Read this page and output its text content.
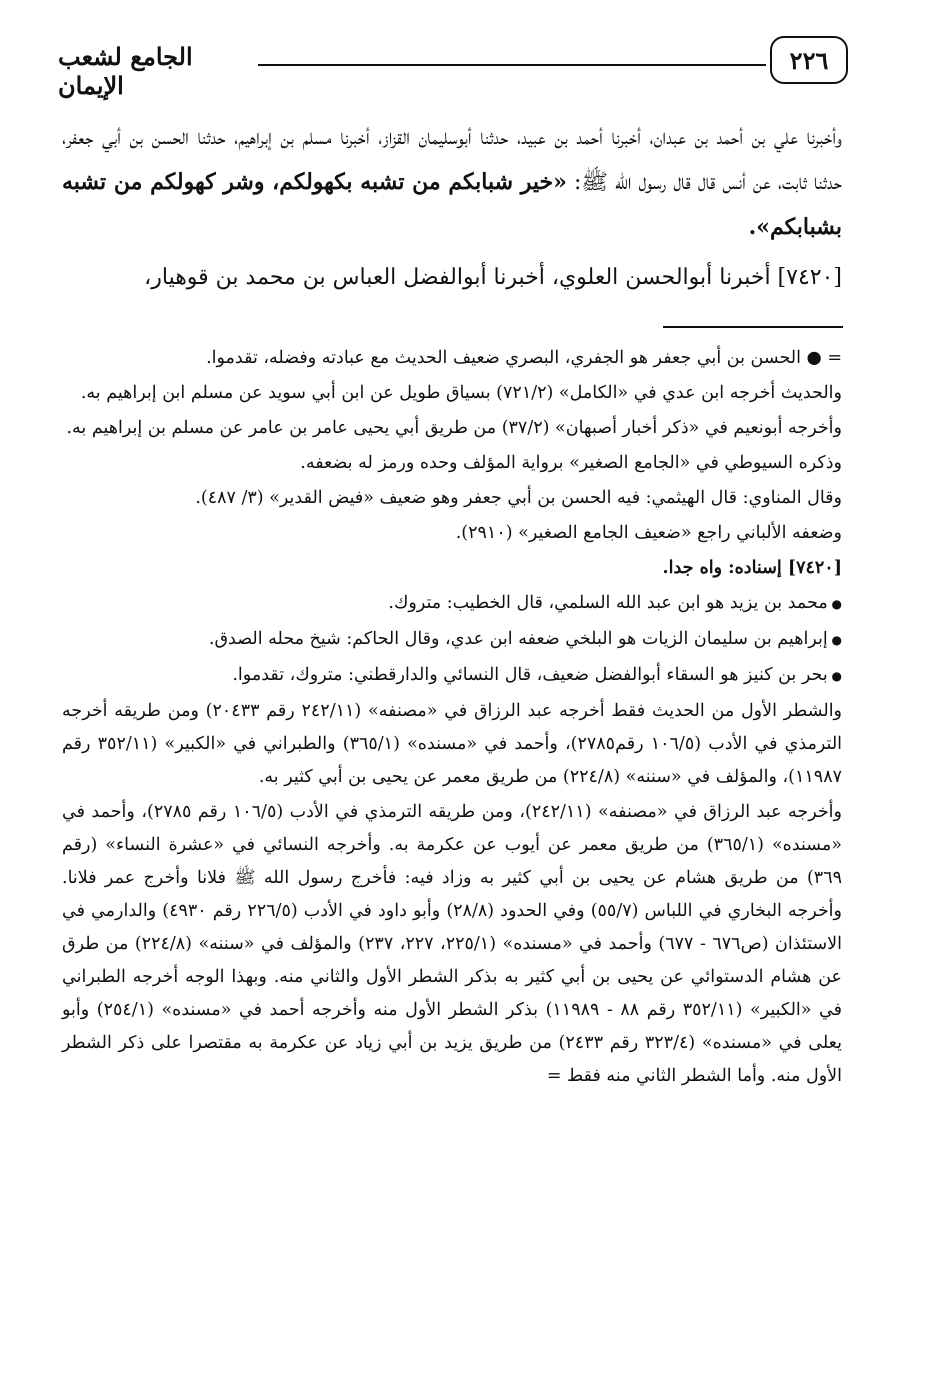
٢٢٦
الجامع لشعب الإيمان

وأخبرنا علي بن أحمد بن عبدان، أخبرنا أحمد بن عبيد، حدثنا أبوسليمان القزاز، أخبرنا مسلم بن إبراهيم، حدثنا الحسن بن أبي جعفر، حدثنا ثابت، عن أنس قال قال رسول الله ﷺ: «خير شبابكم من تشبه بكهولكم، وشر كهولكم من تشبه بشبابكم».

[٧٤٢٠] أخبرنا أبوالحسن العلوي، أخبرنا أبوالفضل العباس بن محمد بن قوهيار،

= ● الحسن بن أبي جعفر هو الجفري، البصري ضعيف الحديث مع عبادته وفضله، تقدموا.

والحديث أخرجه ابن عدي في «الكامل» (٧٢١/٢) بسياق طويل عن ابن أبي سويد عن مسلم ابن إبراهيم به.

وأخرجه أبونعيم في «ذكر أخبار أصبهان» (٣٧/٢) من طريق أبي يحيى عامر بن عامر عن مسلم بن إبراهيم به.

وذكره السيوطي في «الجامع الصغير» برواية المؤلف وحده ورمز له بضعفه.

وقال المناوي: قال الهيثمي: فيه الحسن بن أبي جعفر وهو ضعيف «فيض القدير» (٣/ ٤٨٧).

وضعفه الألباني راجع «ضعيف الجامع الصغير» (٢٩١٠).

[٧٤٢٠] إسناده: واه جدا.

● محمد بن يزيد هو ابن عبد الله السلمي، قال الخطيب: متروك.

● إبراهيم بن سليمان الزيات هو البلخي ضعفه ابن عدي، وقال الحاكم: شيخ محله الصدق.

● بحر بن كنيز هو السقاء أبوالفضل ضعيف، قال النسائي والدارقطني: متروك، تقدموا.

والشطر الأول من الحديث فقط أخرجه عبد الرزاق في «مصنفه» (٢٤٢/١١ رقم ٢٠٤٣٣) ومن طريقه أخرجه الترمذي في الأدب (١٠٦/٥ رقم٢٧٨٥)، وأحمد في «مسنده» (٣٦٥/١) والطبراني في «الكبير» (٣٥٢/١١ رقم ١١٩٨٧)، والمؤلف في «سننه» (٢٢٤/٨) من طريق معمر عن يحيى بن أبي كثير به.

وأخرجه عبد الرزاق في «مصنفه» (٢٤٢/١١)، ومن طريقه الترمذي في الأدب (١٠٦/٥ رقم ٢٧٨٥)، وأحمد في «مسنده» (٣٦٥/١) من طريق معمر عن أيوب عن عكرمة به. وأخرجه النسائي في «عشرة النساء» (رقم ٣٦٩) من طريق هشام عن يحيى بن أبي كثير به وزاد فيه: فأخرج رسول الله ﷺ فلانا وأخرج عمر فلانا. وأخرجه البخاري في اللباس (٥٥/٧) وفي الحدود (٢٨/٨) وأبو داود في الأدب (٢٢٦/٥ رقم ٤٩٣٠) والدارمي في الاستئذان (ص٦٧٦ - ٦٧٧) وأحمد في «مسنده» (٢٢٥/١، ٢٢٧، ٢٣٧) والمؤلف في «سننه» (٢٢٤/٨) من طرق عن هشام الدستوائي عن يحيى بن أبي كثير به بذكر الشطر الأول والثاني منه. وبهذا الوجه أخرجه الطبراني في «الكبير» (٣٥٢/١١ رقم ٨٨ - ١١٩٨٩) بذكر الشطر الأول منه وأخرجه أحمد في «مسنده» (٢٥٤/١) وأبو يعلى في «مسنده» (٣٢٣/٤ رقم ٢٤٣٣) من طريق يزيد بن أبي زياد عن عكرمة به مقتصرا على ذكر الشطر الأول منه. وأما الشطر الثاني منه فقط =
